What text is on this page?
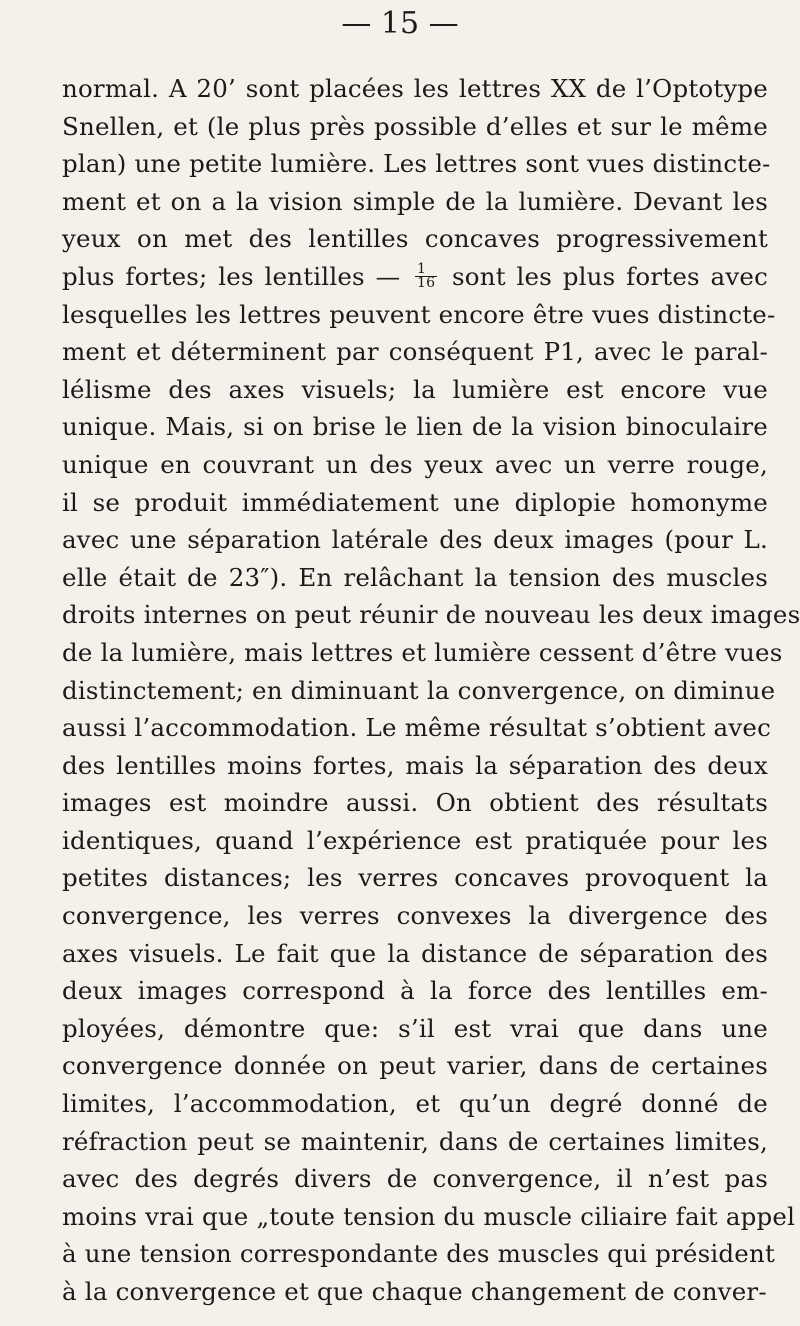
— 15 —
normal. A 20’ sont placées les lettres XX de l’Optotype
Snellen, et (le plus près possible d’elles et sur le même
plan) une petite lumière. Les lettres sont vues distincte-
ment et on a la vision simple de la lumière. Devant les
yeux on met des lentilles concaves progressivement
plus fortes; les lentilles — $\frac{1}{16}$ sont les plus fortes avec
lesquelles les lettres peuvent encore être vues distincte-
ment et déterminent par conséquent P1, avec le paral-
lélisme des axes visuels; la lumière est encore vue
unique. Mais, si on brise le lien de la vision binoculaire
unique en couvrant un des yeux avec un verre rouge,
il se produit immédiatement une diplopie homonyme
avec une séparation latérale des deux images (pour L.
elle était de 23″). En relâchant la tension des muscles
droits internes on peut réunir de nouveau les deux images
de la lumière, mais lettres et lumière cessent d’être vues
distinctement; en diminuant la convergence, on diminue
aussi l’accommodation. Le même résultat s’obtient avec
des lentilles moins fortes, mais la séparation des deux
images est moindre aussi. On obtient des résultats
identiques, quand l’expérience est pratiquée pour les
petites distances; les verres concaves provoquent la
convergence, les verres convexes la divergence des
axes visuels. Le fait que la distance de séparation des
deux images correspond à la force des lentilles em-
ployées, démontre que: s’il est vrai que dans une
convergence donnée on peut varier, dans de certaines
limites, l’accommodation, et qu’un degré donné de
réfraction peut se maintenir, dans de certaines limites,
avec des degrés divers de convergence, il n’est pas
moins vrai que „toute tension du muscle ciliaire fait appel
à une tension correspondante des muscles qui président
à la convergence et que chaque changement de conver-
